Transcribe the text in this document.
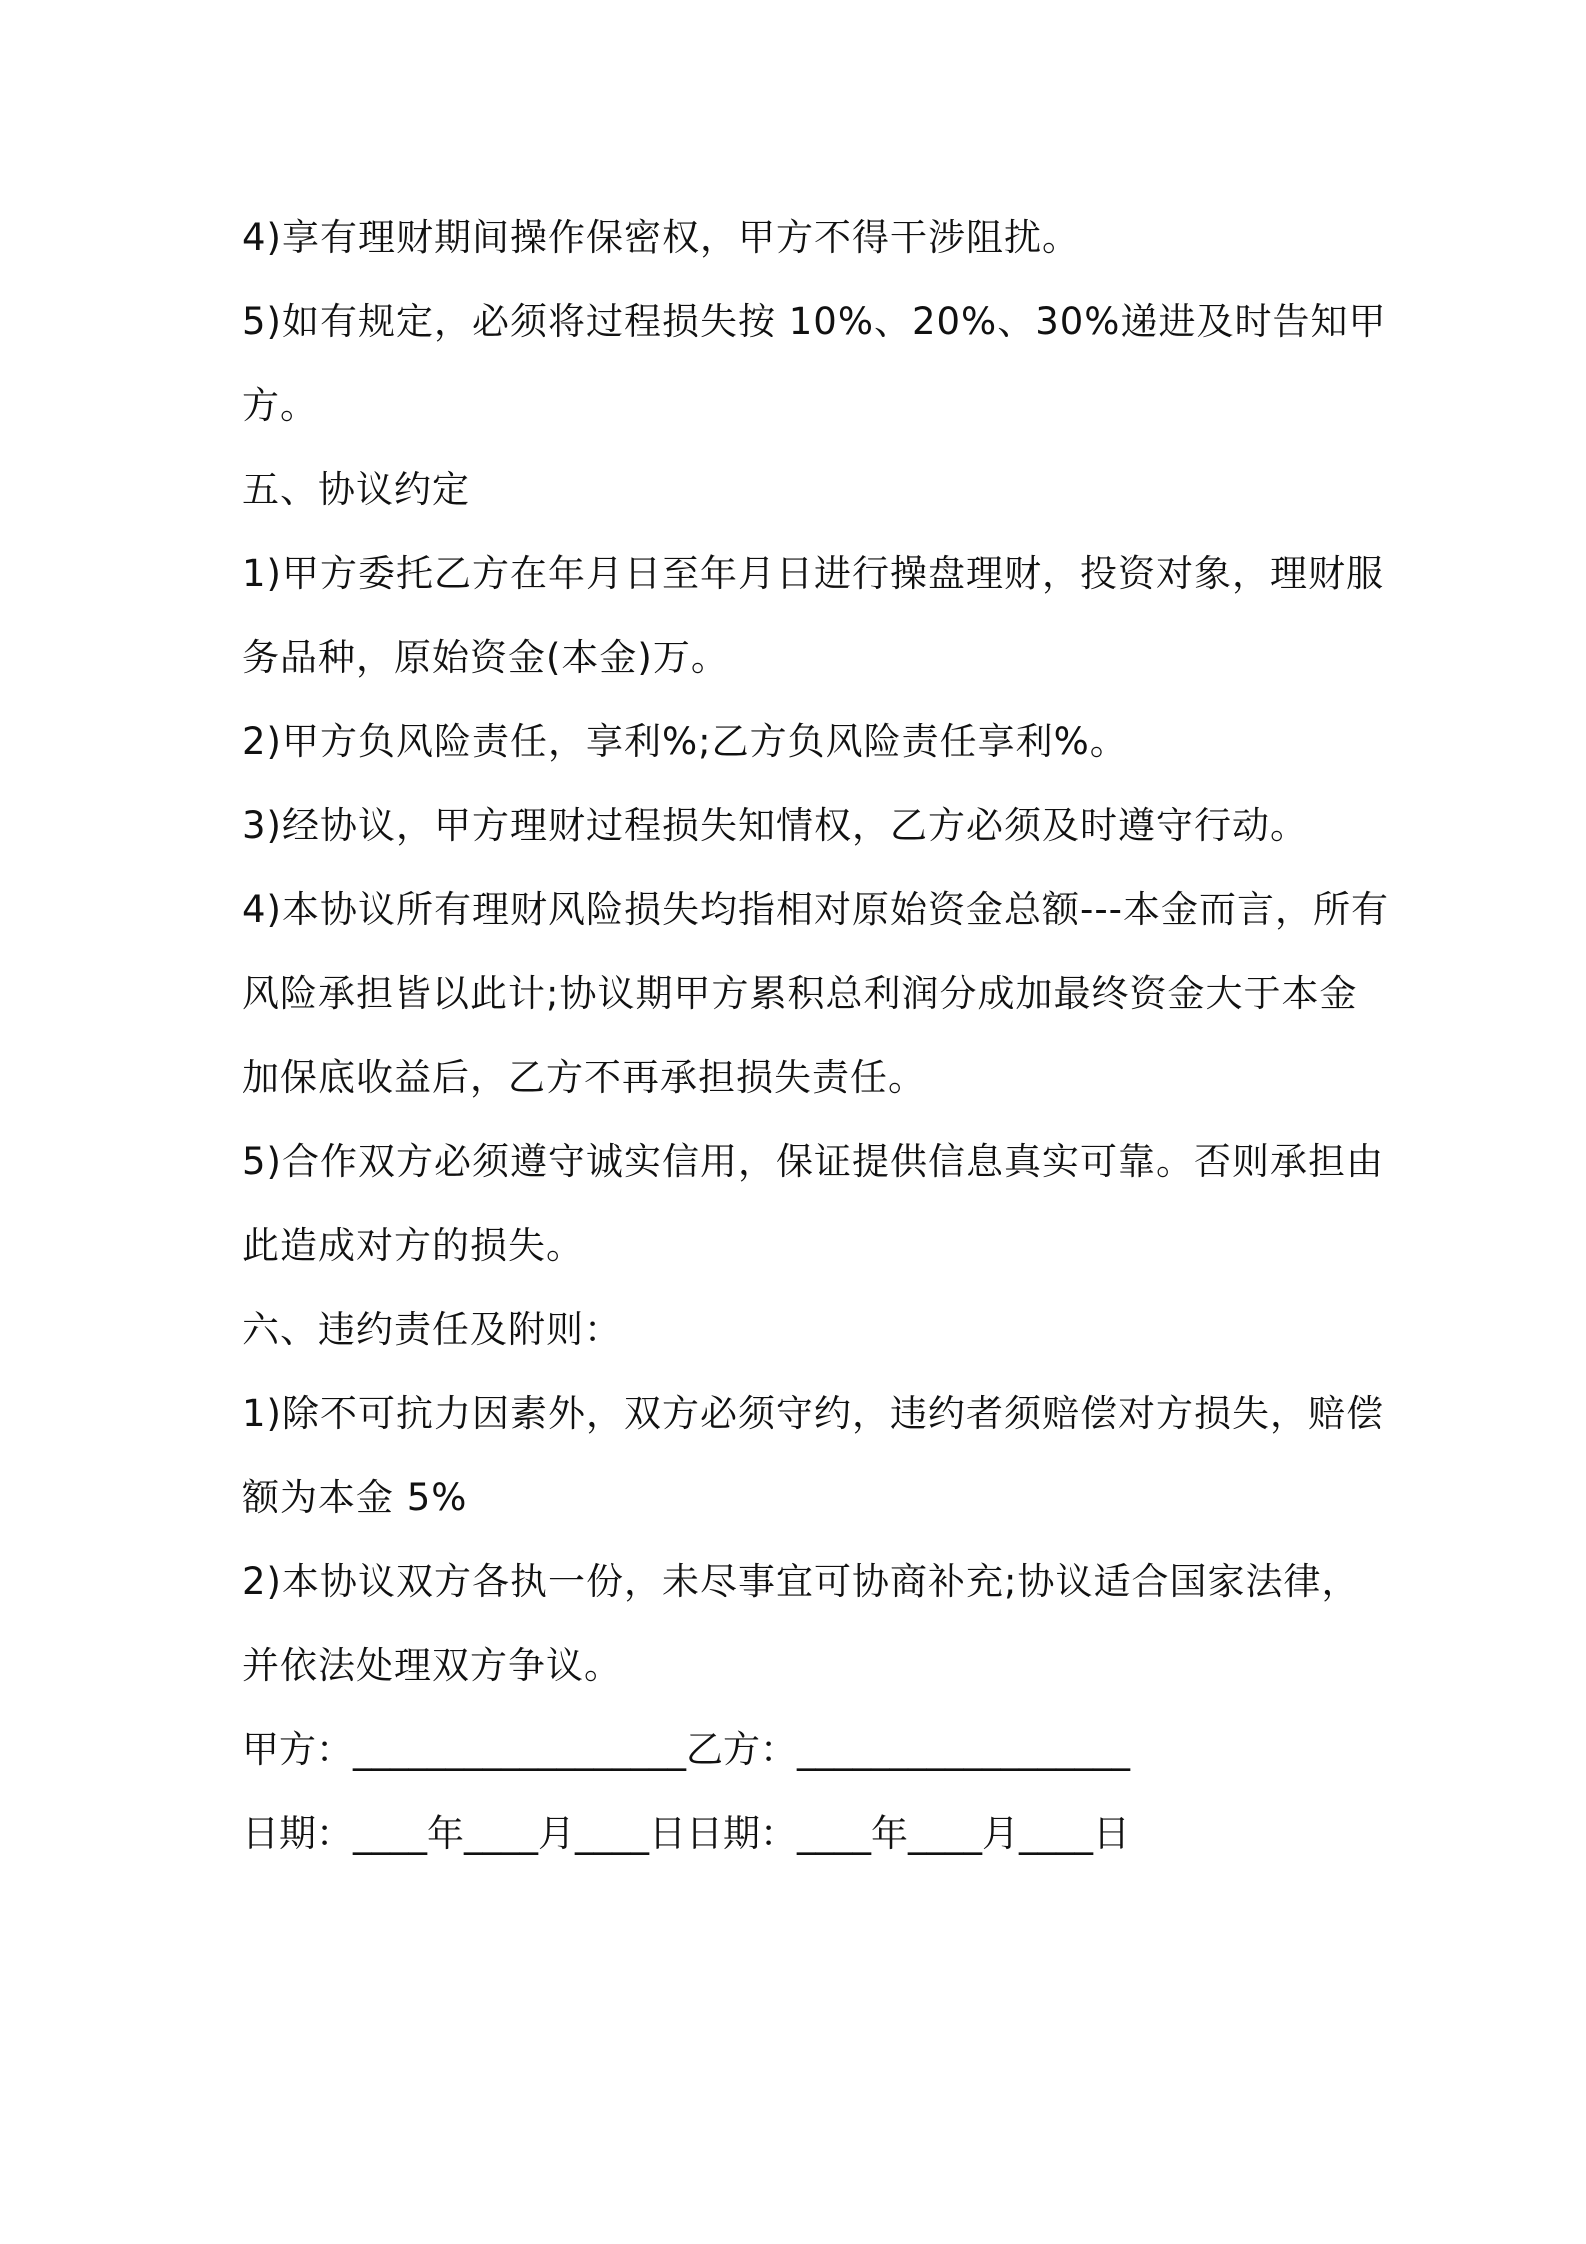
4)享有理财期间操作保密权，甲方不得干涉阻扰。
5)如有规定，必须将过程损失按 10%、20%、30%递进及时告知甲
方。
五、协议约定
1)甲方委托乙方在年月日至年月日进行操盘理财，投资对象，理财服
务品种，原始资金(本金)万。
2)甲方负风险责任，享利%;乙方负风险责任享利%。
3)经协议，甲方理财过程损失知情权，乙方必须及时遵守行动。
4)本协议所有理财风险损失均指相对原始资金总额---本金而言，所有
风险承担皆以此计;协议期甲方累积总利润分成加最终资金大于本金
加保底收益后，乙方不再承担损失责任。
5)合作双方必须遵守诚实信用，保证提供信息真实可靠。否则承担由
此造成对方的损失。
六、违约责任及附则：
1)除不可抗力因素外，双方必须守约，违约者须赔偿对方损失，赔偿
额为本金 5%
2)本协议双方各执一份，未尽事宜可协商补充;协议适合国家法律，
并依法处理双方争议。
甲方：__________________乙方：__________________
日期：____年____月____日日期：____年____月____日
